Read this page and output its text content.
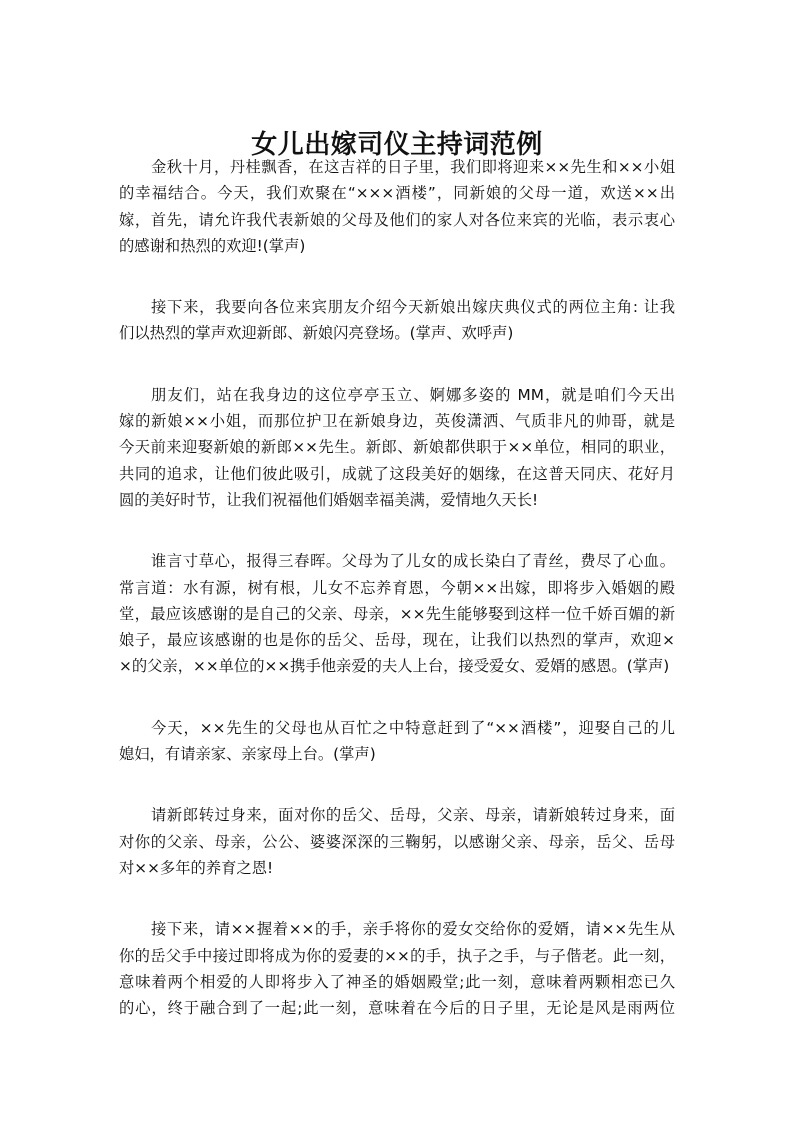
女儿出嫁司仪主持词范例

金秋十月，丹桂飘香，在这吉祥的日子里，我们即将迎来××先生和××小姐
的幸福结合。今天，我们欢聚在“×××酒楼”，同新娘的父母一道，欢送××出
嫁，首先，请允许我代表新娘的父母及他们的家人对各位来宾的光临，表示衷心
的感谢和热烈的欢迎!(掌声)

接下来，我要向各位来宾朋友介绍今天新娘出嫁庆典仪式的两位主角: 让我
们以热烈的掌声欢迎新郎、新娘闪亮登场。(掌声、欢呼声)

朋友们，站在我身边的这位亭亭玉立、婀娜多姿的 MM，就是咱们今天出
嫁的新娘××小姐，而那位护卫在新娘身边，英俊潇洒、气质非凡的帅哥，就是
今天前来迎娶新娘的新郎××先生。新郎、新娘都供职于××单位，相同的职业，
共同的追求，让他们彼此吸引，成就了这段美好的姻缘，在这普天同庆、花好月
圆的美好时节，让我们祝福他们婚姻幸福美满，爱情地久天长!

谁言寸草心，报得三春晖。父母为了儿女的成长染白了青丝，费尽了心血。
常言道：水有源，树有根，儿女不忘养育恩，今朝××出嫁，即将步入婚姻的殿
堂，最应该感谢的是自己的父亲、母亲，××先生能够娶到这样一位千娇百媚的新
娘子，最应该感谢的也是你的岳父、岳母，现在，让我们以热烈的掌声，欢迎×
×的父亲，××单位的××携手他亲爱的夫人上台，接受爱女、爱婿的感恩。(掌声)

今天，××先生的父母也从百忙之中特意赶到了“××酒楼”，迎娶自己的儿
媳妇，有请亲家、亲家母上台。(掌声)

请新郎转过身来，面对你的岳父、岳母，父亲、母亲，请新娘转过身来，面
对你的父亲、母亲，公公、婆婆深深的三鞠躬，以感谢父亲、母亲，岳父、岳母
对××多年的养育之恩!

接下来，请××握着××的手，亲手将你的爱女交给你的爱婿，请××先生从
你的岳父手中接过即将成为你的爱妻的××的手，执子之手，与子偕老。此一刻，
意味着两个相爱的人即将步入了神圣的婚姻殿堂;此一刻，意味着两颗相恋已久
的心，终于融合到了一起;此一刻，意味着在今后的日子里，无论是风是雨两位
